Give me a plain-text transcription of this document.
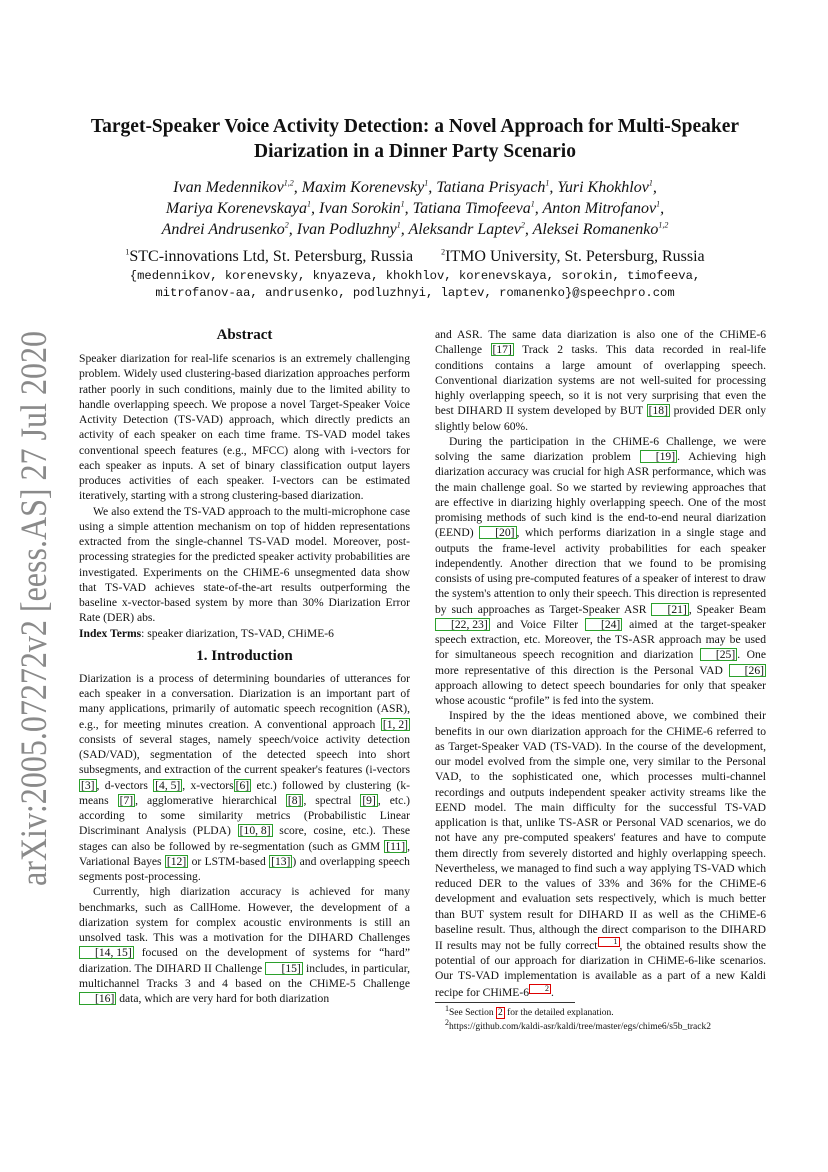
arXiv:2005.07272v2 [eess.AS] 27 Jul 2020
Target-Speaker Voice Activity Detection: a Novel Approach for Multi-Speaker
Diarization in a Dinner Party Scenario
Ivan Medennikov$^{1,2}$, Maxim Korenevsky$^1$, Tatiana Prisyach$^1$, Yuri Khokhlov$^1$,
Mariya Korenevskaya$^1$, Ivan Sorokin$^1$, Tatiana Timofeeva$^1$, Anton Mitrofanov$^1$,
Andrei Andrusenko$^2$, Ivan Podluzhny$^1$, Aleksandr Laptev$^2$, Aleksei Romanenko$^{1,2}$
$^1$STC-innovations Ltd, St. Petersburg, Russia	$^2$ITMO University, St. Petersburg, Russia
{medennikov, korenevsky, knyazeva, khokhlov, korenevskaya, sorokin, timofeeva,
mitrofanov-aa, andrusenko, podluzhnyi, laptev, romanenko}@speechpro.com
Abstract

Speaker diarization for real-life scenarios is an extremely challenging problem. Widely used clustering-based diarization approaches perform rather poorly in such conditions, mainly due to the limited ability to handle overlapping speech. We propose a novel Target-Speaker Voice Activity Detection (TS-VAD) approach, which directly predicts an activity of each speaker on each time frame. TS-VAD model takes conventional speech features (e.g., MFCC) along with i-vectors for each speaker as inputs. A set of binary classification output layers produces activities of each speaker. I-vectors can be estimated iteratively, starting with a strong clustering-based diarization.

We also extend the TS-VAD approach to the multi-microphone case using a simple attention mechanism on top of hidden representations extracted from the single-channel TS-VAD model. Moreover, post-processing strategies for the predicted speaker activity probabilities are investigated. Experiments on the CHiME-6 unsegmented data show that TS-VAD achieves state-of-the-art results outperforming the baseline x-vector-based system by more than 30% Diarization Error Rate (DER) abs.

Index Terms: speaker diarization, TS-VAD, CHiME-6

1. Introduction

Diarization is a process of determining boundaries of utterances for each speaker in a conversation. Diarization is an important part of many applications, primarily of automatic speech recognition (ASR), e.g., for meeting minutes creation. A conventional approach [1, 2] consists of several stages, namely speech/voice activity detection (SAD/VAD), segmentation of the detected speech into short subsegments, and extraction of the current speaker's features (i-vectors [3] , d-vectors [4, 5] , x-vectors [6] etc.) followed by clustering (k-means [7] , agglomerative hierarchical [8] , spectral [9] , etc.) according to some similarity metrics (Probabilistic Linear Discriminant Analysis (PLDA) [10, 8] score, cosine, etc.). These stages can also be followed by re-segmentation (such as GMM [11] , Variational Bayes [12] or LSTM-based [13] ) and overlapping speech segments post-processing.

Currently, high diarization accuracy is achieved for many benchmarks, such as CallHome. However, the development of a diarization system for complex acoustic environments is still an unsolved task. This was a motivation for the DIHARD Challenges [14, 15] focused on the development of systems for “hard” diarization. The DIHARD II Challenge [15] includes, in particular, multichannel Tracks 3 and 4 based on the CHiME-5 Challenge [16] data, which are very hard for both diarization

and ASR. The same data diarization is also one of the CHiME-6 Challenge [17] Track 2 tasks. This data recorded in real-life conditions contains a large amount of overlapping speech. Conventional diarization systems are not well-suited for processing highly overlapping speech, so it is not very surprising that even the best DIHARD II system developed by BUT [18] provided DER only slightly below 60%.

During the participation in the CHiME-6 Challenge, we were solving the same diarization problem [19] . Achieving high diarization accuracy was crucial for high ASR performance, which was the main challenge goal. So we started by reviewing approaches that are effective in diarizing highly overlapping speech. One of the most promising methods of such kind is the end-to-end neural diarization (EEND) [20] , which performs diarization in a single stage and outputs the frame-level activity probabilities for each speaker independently. Another direction that we found to be promising consists of using pre-computed features of a speaker of interest to draw the system's attention to only their speech. This direction is represented by such approaches as Target-Speaker ASR [21] , Speaker Beam [22, 23] and Voice Filter [24] aimed at the target-speaker speech extraction, etc. Moreover, the TS-ASR approach may be used for simultaneous speech recognition and diarization [25] . One more representative of this direction is the Personal VAD [26] approach allowing to detect speech boundaries for only that speaker whose acoustic “profile” is fed into the system.

Inspired by the the ideas mentioned above, we combined their benefits in our own diarization approach for the CHiME-6 referred to as Target-Speaker VAD (TS-VAD). In the course of the development, our model evolved from the simple one, very similar to the Personal VAD, to the sophisticated one, which processes multi-channel recordings and outputs independent speaker activity streams like the EEND model. The main difficulty for the successful TS-VAD application is that, unlike TS-ASR or Personal VAD scenarios, we do not have any pre-computed speakers' features and have to compute them directly from severely distorted and highly overlapping speech. Nevertheless, we managed to find such a way applying TS-VAD which reduced DER to the values of 33% and 36% for the CHiME-6 development and evaluation sets respectively, which is much better than BUT system result for DIHARD II as well as the CHiME-6 baseline result. Thus, although the direct comparison to the DIHARD II results may not be fully correct 1 , the obtained results show the potential of our approach for diarization in CHiME-6-like scenarios. Our TS-VAD implementation is available as a part of a new Kaldi recipe for CHiME-6 2 .

$^1$See Section 2 for the detailed explanation.

$^2$https://github.com/kaldi-asr/kaldi/tree/master/egs/chime6/s5b_track2
